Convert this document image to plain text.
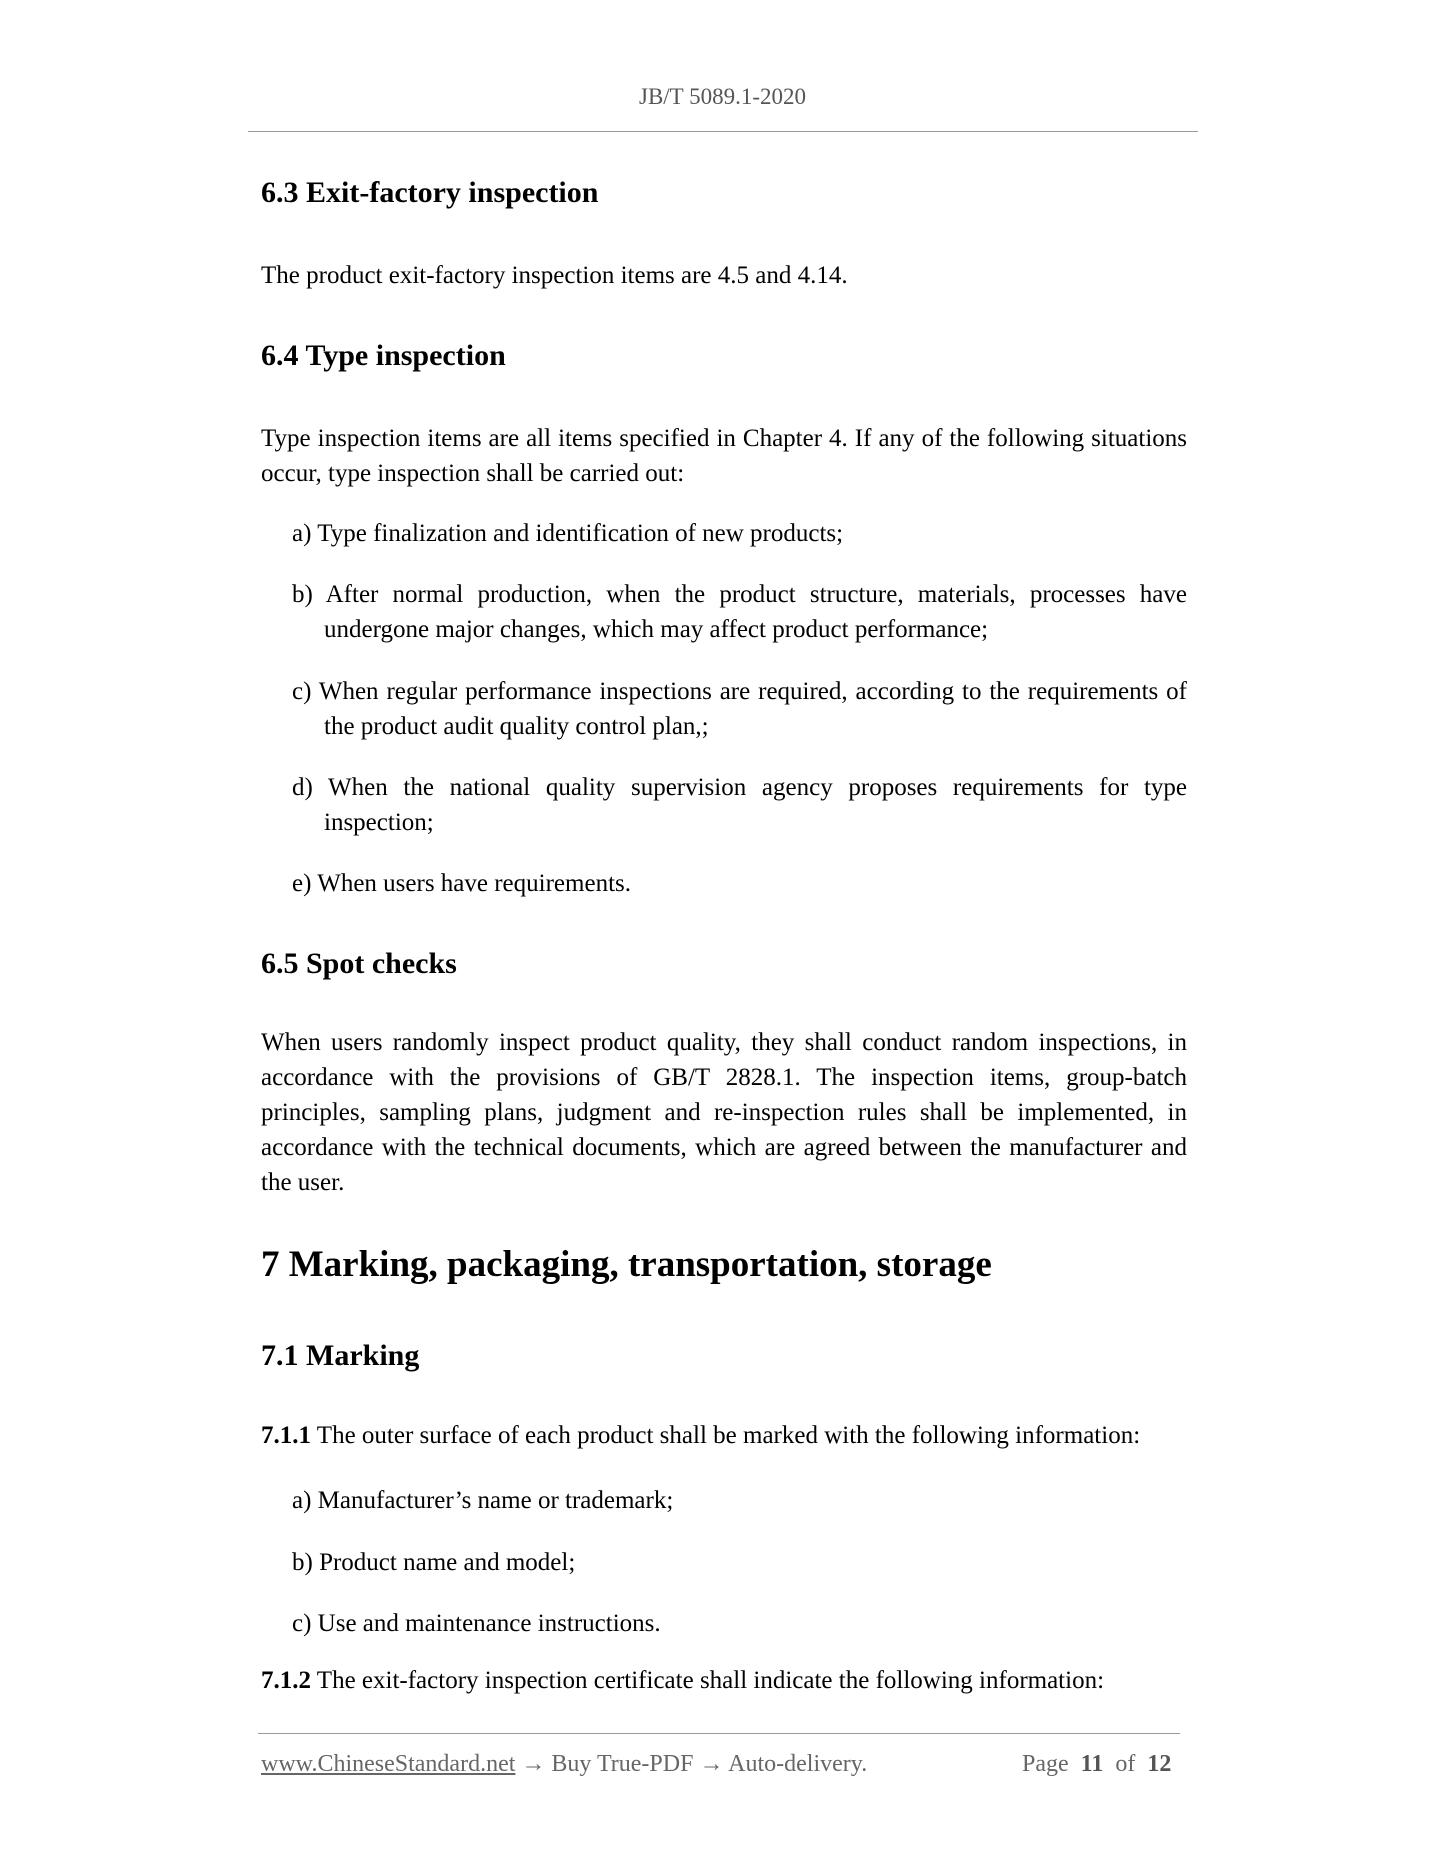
JB/T 5089.1-2020
6.3 Exit-factory inspection
The product exit-factory inspection items are 4.5 and 4.14.
6.4 Type inspection
Type inspection items are all items specified in Chapter 4. If any of the following situations occur, type inspection shall be carried out:
a) Type finalization and identification of new products;
b) After normal production, when the product structure, materials, processes have undergone major changes, which may affect product performance;
c) When regular performance inspections are required, according to the requirements of the product audit quality control plan,;
d) When the national quality supervision agency proposes requirements for type inspection;
e) When users have requirements.
6.5 Spot checks
When users randomly inspect product quality, they shall conduct random inspections, in accordance with the provisions of GB/T 2828.1. The inspection items, group-batch principles, sampling plans, judgment and re-inspection rules shall be implemented, in accordance with the technical documents, which are agreed between the manufacturer and the user.
7 Marking, packaging, transportation, storage
7.1 Marking
7.1.1 The outer surface of each product shall be marked with the following information:
a) Manufacturer’s name or trademark;
b) Product name and model;
c) Use and maintenance instructions.
7.1.2 The exit-factory inspection certificate shall indicate the following information:
www.ChineseStandard.net → Buy True-PDF → Auto-delivery.	Page 11 of 12
